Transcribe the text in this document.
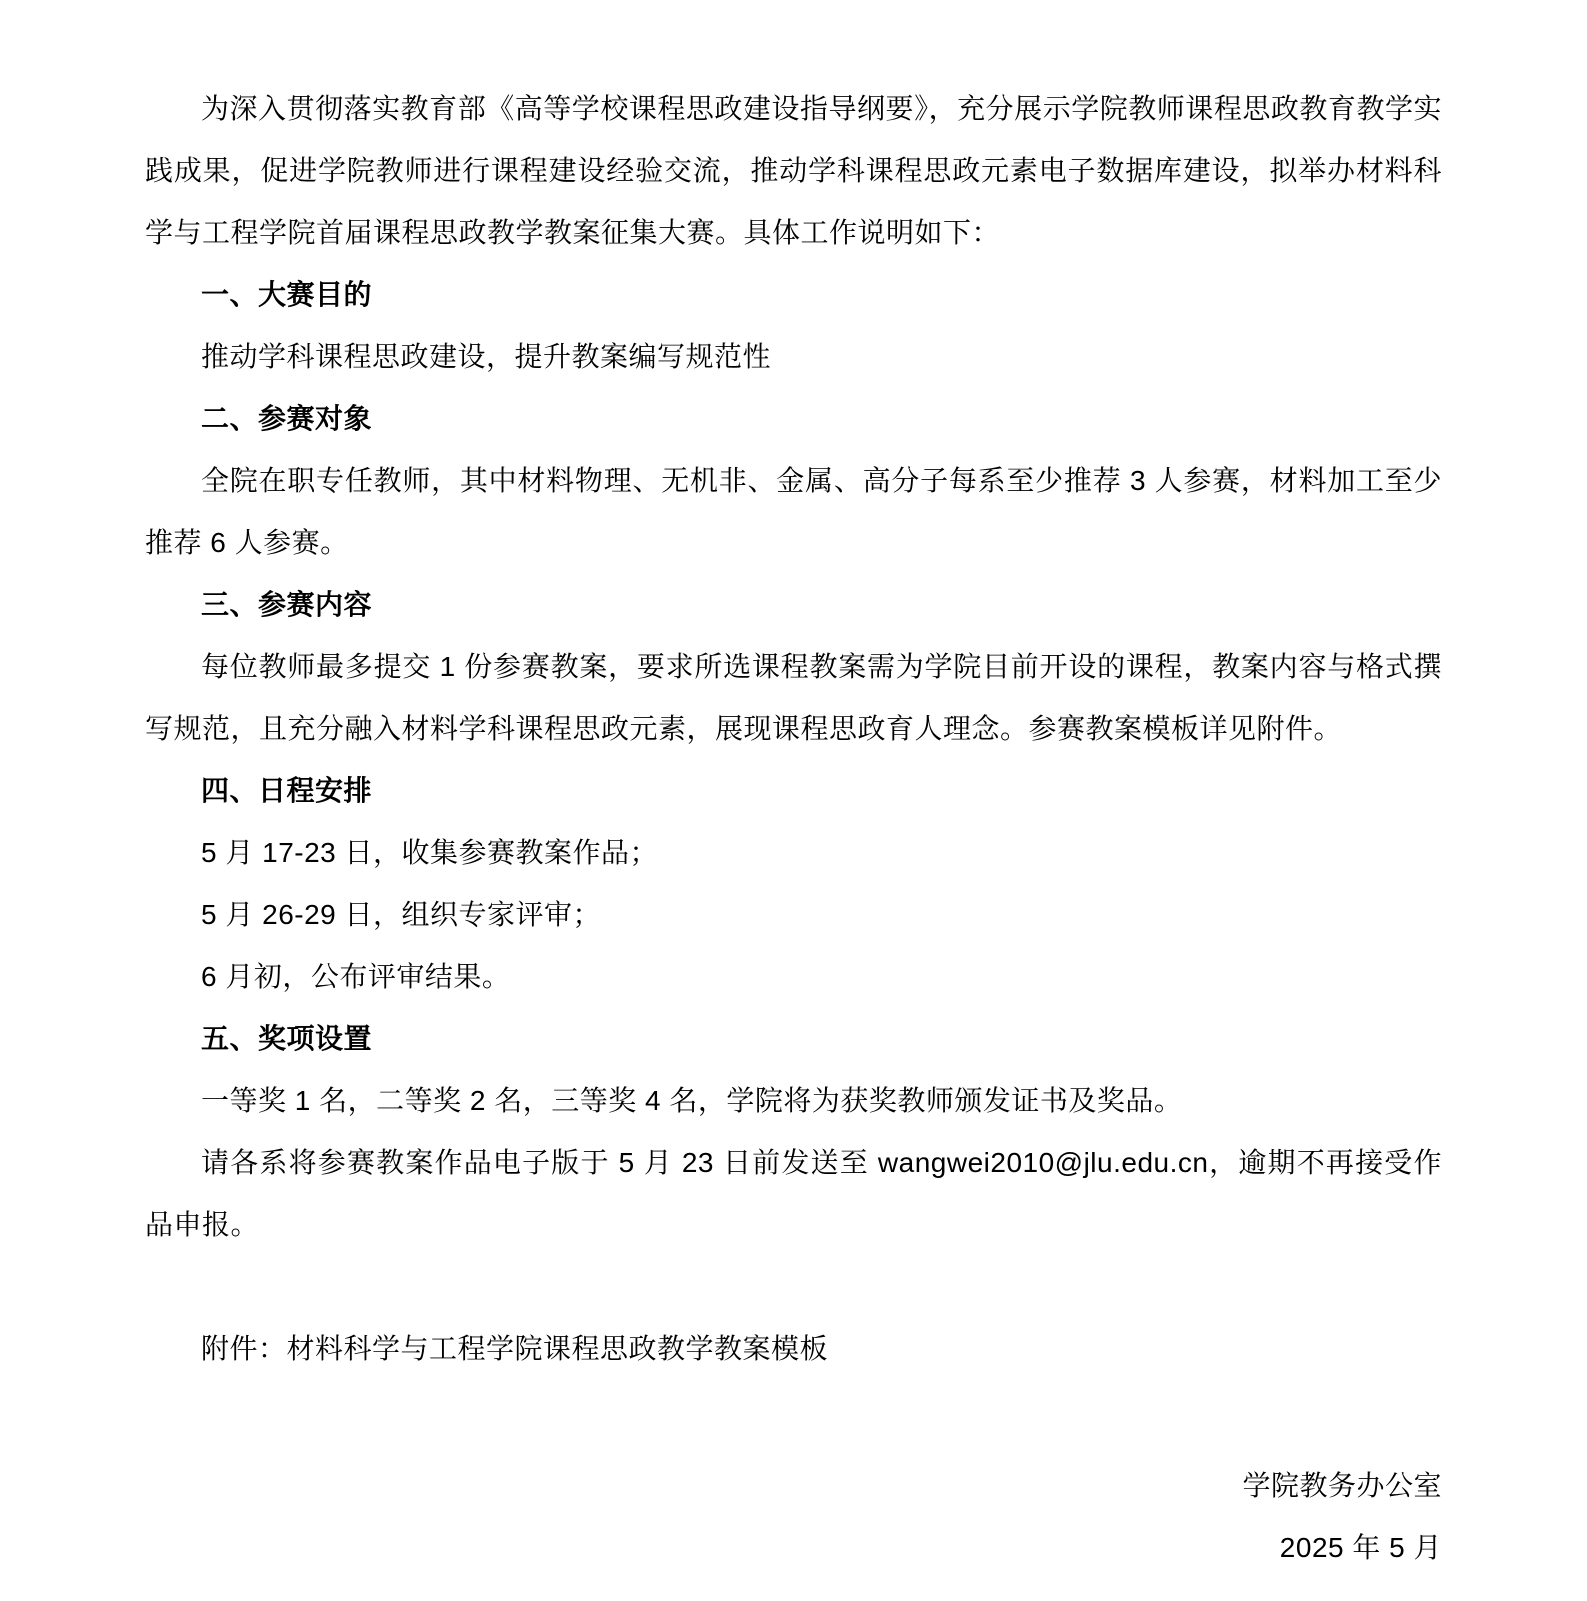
为深入贯彻落实教育部《高等学校课程思政建设指导纲要》，充分展示学院教师课程思政教育教学实践成果，促进学院教师进行课程建设经验交流，推动学科课程思政元素电子数据库建设，拟举办材料科学与工程学院首届课程思政教学教案征集大赛。具体工作说明如下：

一、大赛目的

推动学科课程思政建设，提升教案编写规范性

二、参赛对象

全院在职专任教师，其中材料物理、无机非、金属、高分子每系至少推荐 3 人参赛，材料加工至少推荐 6 人参赛。

三、参赛内容

每位教师最多提交 1 份参赛教案，要求所选课程教案需为学院目前开设的课程，教案内容与格式撰写规范，且充分融入材料学科课程思政元素，展现课程思政育人理念。参赛教案模板详见附件。

四、日程安排

5 月 17-23 日，收集参赛教案作品；

5 月 26-29 日，组织专家评审；

6 月初，公布评审结果。

五、奖项设置

一等奖 1 名，二等奖 2 名，三等奖 4 名，学院将为获奖教师颁发证书及奖品。

请各系将参赛教案作品电子版于 5 月 23 日前发送至 wangwei2010@jlu.edu.cn，逾期不再接受作品申报。

附件：材料科学与工程学院课程思政教学教案模板

学院教务办公室

2025 年 5 月
